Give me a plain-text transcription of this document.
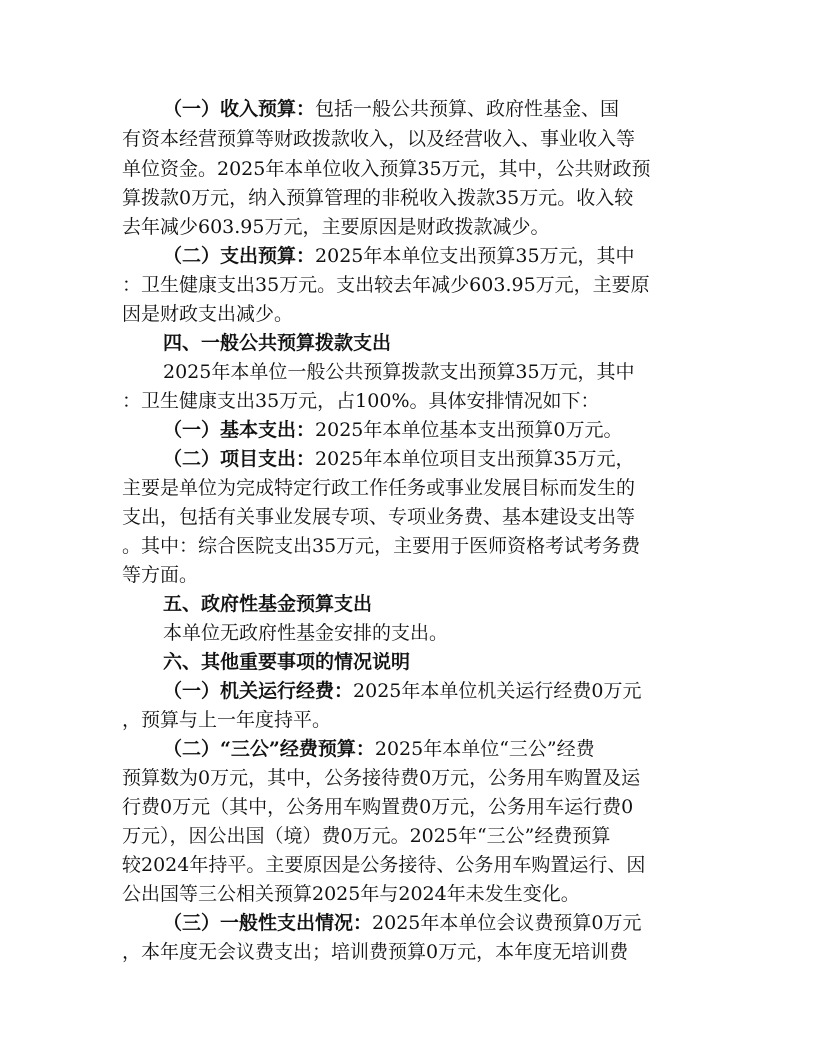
（一）收入预算：包括一般公共预算、政府性基金、国
有资本经营预算等财政拨款收入，以及经营收入、事业收入等
单位资金。2025年本单位收入预算35万元，其中，公共财政预
算拨款0万元，纳入预算管理的非税收入拨款35万元。收入较
去年减少603.95万元，主要原因是财政拨款减少。
（二）支出预算：2025年本单位支出预算35万元，其中
：卫生健康支出35万元。支出较去年减少603.95万元，主要原
因是财政支出减少。
四、一般公共预算拨款支出
2025年本单位一般公共预算拨款支出预算35万元，其中
：卫生健康支出35万元，占100%。具体安排情况如下：
（一）基本支出：2025年本单位基本支出预算0万元。
（二）项目支出：2025年本单位项目支出预算35万元，
主要是单位为完成特定行政工作任务或事业发展目标而发生的
支出，包括有关事业发展专项、专项业务费、基本建设支出等
。其中：综合医院支出35万元，主要用于医师资格考试考务费
等方面。
五、政府性基金预算支出
本单位无政府性基金安排的支出。
六、其他重要事项的情况说明
（一）机关运行经费：2025年本单位机关运行经费0万元
，预算与上一年度持平。
（二）“三公”经费预算：2025年本单位“三公”经费
预算数为0万元，其中，公务接待费0万元，公务用车购置及运
行费0万元（其中，公务用车购置费0万元，公务用车运行费0
万元），因公出国（境）费0万元。2025年“三公”经费预算
较2024年持平。主要原因是公务接待、公务用车购置运行、因
公出国等三公相关预算2025年与2024年未发生变化。
（三）一般性支出情况：2025年本单位会议费预算0万元
，本年度无会议费支出；培训费预算0万元，本年度无培训费
